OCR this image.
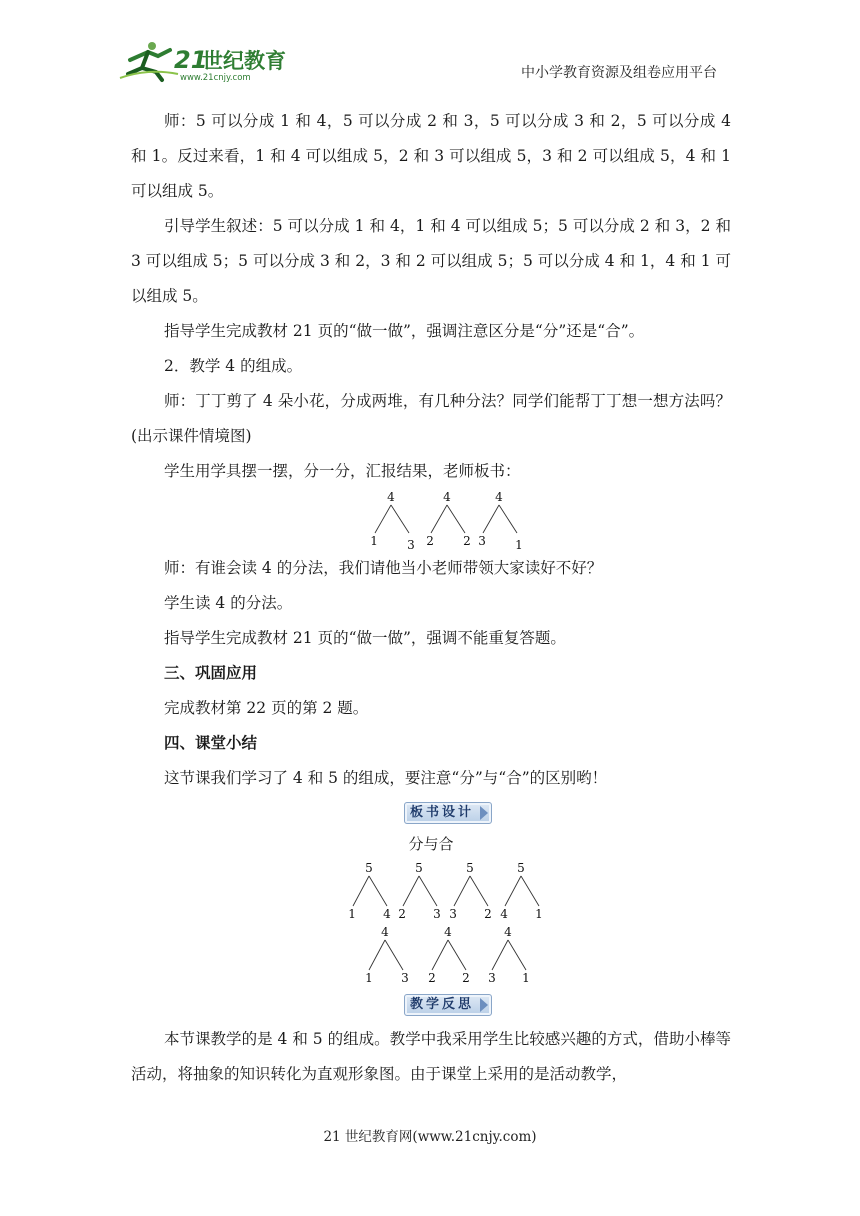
21
世纪教育
www.21cnjy.com	中小学教育资源及组卷应用平台

师：5 可以分成 1 和 4，5 可以分成 2 和 3，5 可以分成 3 和 2，5 可以分成 4 和 1。反过来看，1 和 4 可以组成 5，2 和 3 可以组成 5，3 和 2 可以组成 5，4 和 1 可以组成 5。

引导学生叙述：5 可以分成 1 和 4，1 和 4 可以组成 5；5 可以分成 2 和 3，2 和 3 可以组成 5；5 可以分成 3 和 2，3 和 2 可以组成 5；5 可以分成 4 和 1，4 和 1 可以组成 5。

指导学生完成教材 21 页的“做一做”，强调注意区分是“分”还是“合”。

2．教学 4 的组成。

师：丁丁剪了 4 朵小花，分成两堆，有几种分法？同学们能帮丁丁想一想方法吗？(出示课件情境图)

学生用学具摆一摆，分一分，汇报结果，老师板书：

4
1 3
4
2 2
4
3 1

师：有谁会读 4 的分法，我们请他当小老师带领大家读好不好？

学生读 4 的分法。

指导学生完成教材 21 页的“做一做”，强调不能重复答题。

三、巩固应用

完成教材第 22 页的第 2 题。

四、课堂小结

这节课我们学习了 4 和 5 的组成，要注意“分”与“合”的区别哟！

板书设计

分与合

5
1 4
5
2 3
5
3 2
5
4 1
4
1 3
4
2 2
4
3 1
教学反思

本节课教学的是 4 和 5 的组成。教学中我采用学生比较感兴趣的方式，借助小棒等活动，将抽象的知识转化为直观形象图。由于课堂上采用的是活动教学，

21 世纪教育网(www.21cnjy.com)
